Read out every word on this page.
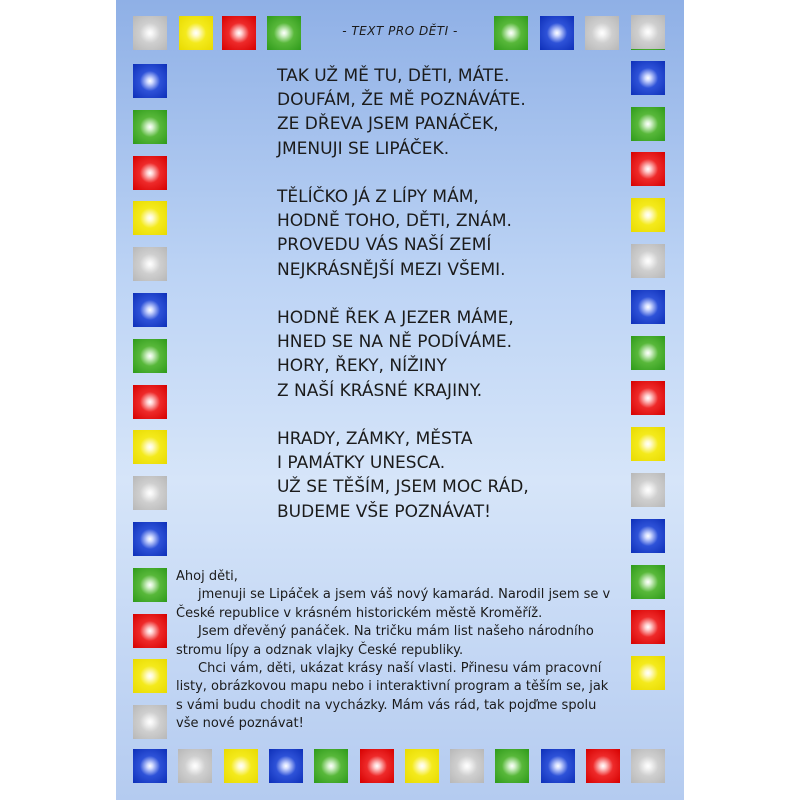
- TEXT PRO DĚTI -
TAK UŽ MĚ TU, DĚTI, MÁTE.
DOUFÁM, ŽE MĚ POZNÁVÁTE.
ZE DŘEVA JSEM PANÁČEK,
JMENUJI SE LIPÁČEK.
TĚLÍČKO JÁ Z LÍPY MÁM,
HODNĚ TOHO, DĚTI, ZNÁM.
PROVEDU VÁS NAŠÍ ZEMÍ
NEJKRÁSNĚJŠÍ MEZI VŠEMI.
HODNĚ ŘEK A JEZER MÁME,
HNED SE NA NĚ PODÍVÁME.
HORY, ŘEKY, NÍŽINY
Z NAŠÍ KRÁSNÉ KRAJINY.
HRADY, ZÁMKY, MĚSTA
I PAMÁTKY UNESCA.
UŽ SE TĚŠÍM, JSEM MOC RÁD,
BUDEME VŠE POZNÁVAT!

Ahoj děti,

jmenuji se Lipáček a jsem váš nový kamarád. Narodil jsem se v České republice v krásném historickém městě Kroměříž.

Jsem dřevěný panáček. Na tričku mám list našeho národního stromu lípy a odznak vlajky České republiky.

Chci vám, děti, ukázat krásy naší vlasti. Přinesu vám pracovní listy, obrázkovou mapu nebo i interaktivní program a těším se, jak s vámi budu chodit na vycházky. Mám vás rád, tak pojďme spolu vše nové poznávat!
